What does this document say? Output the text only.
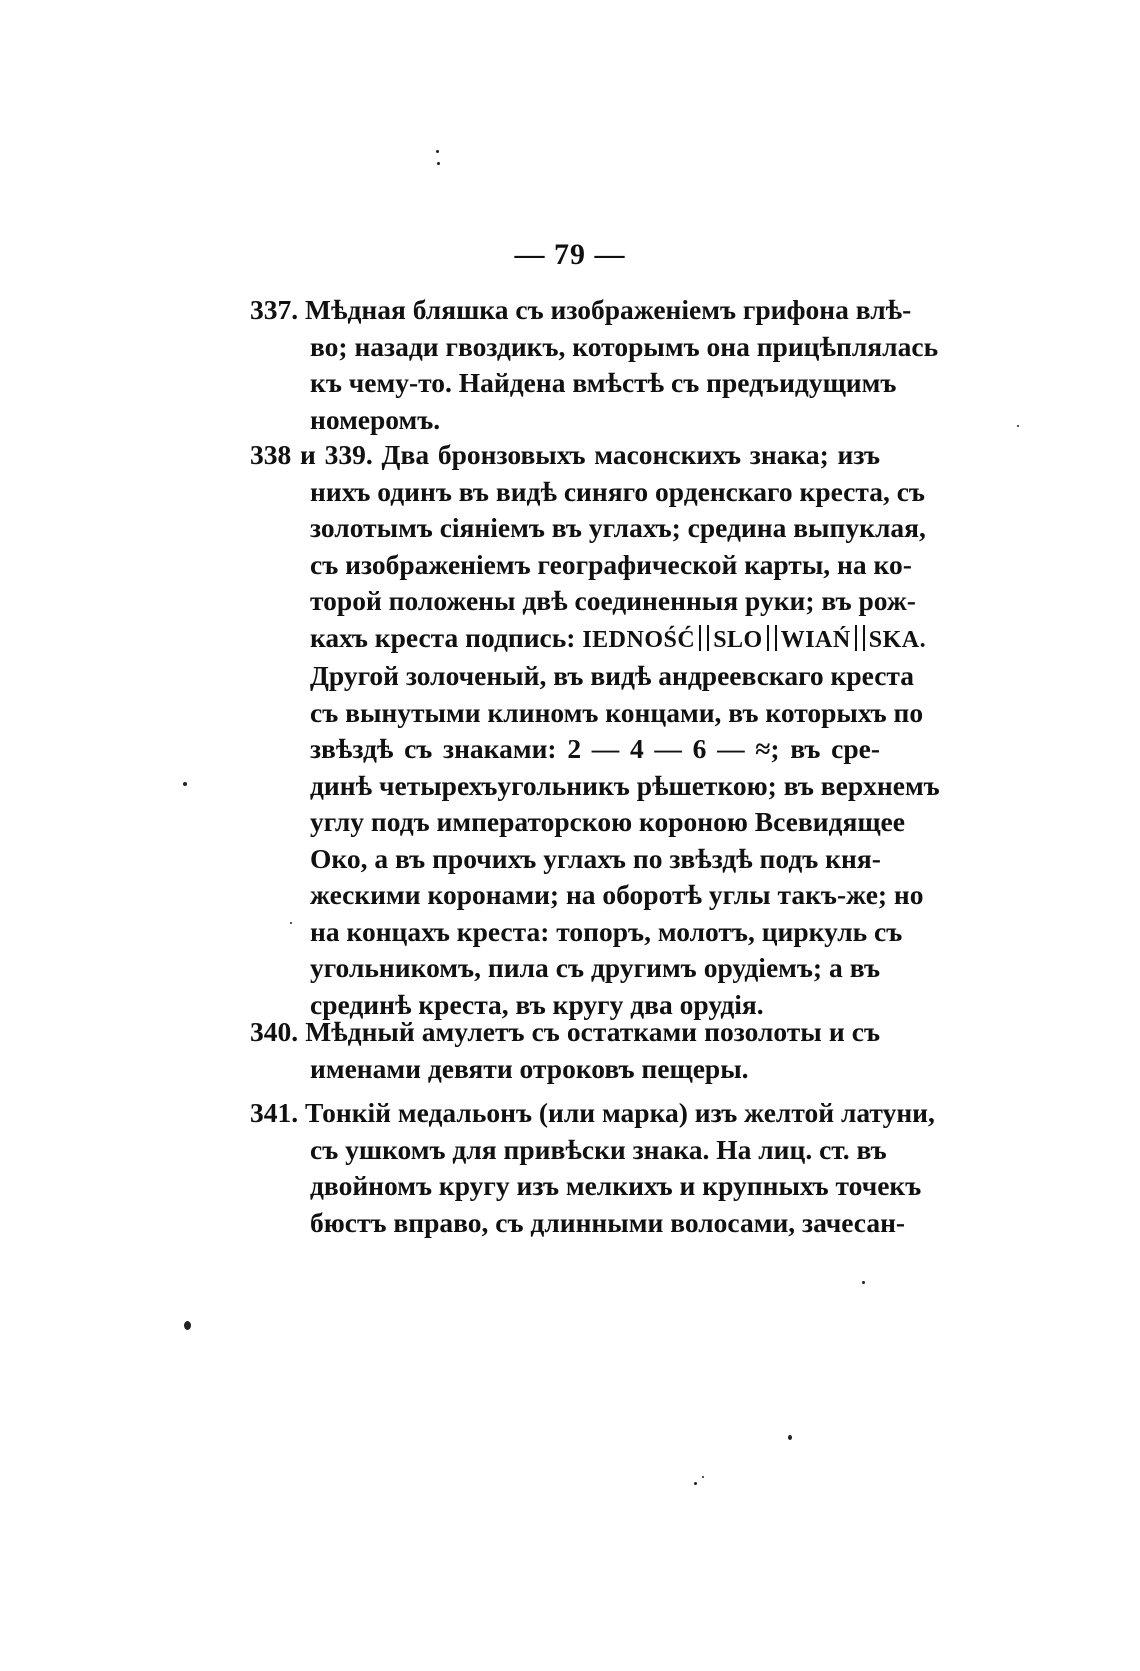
— 79 —
337. Мѣдная бляшка съ изображенiемъ грифона влѣ-
во; назади гвоздикъ, которымъ она прицѣплялась
къ чему-то. Найдена вмѣстѣ съ предъидущимъ
номеромъ.
338 и 339. Два бронзовыхъ масонскихъ знака; изъ
нихъ одинъ въ видѣ синяго орденскаго креста, съ
золотымъ сiянiемъ въ углахъ; средина выпуклая,
съ изображенiемъ географической карты, на ко-
торой положены двѣ соединенныя руки; въ рож-
кахъ креста подпись: IEDNOŚĆ SLO WIAŃ SKA.
Другой золоченый, въ видѣ андреевскаго креста
съ вынутыми клиномъ концами, въ которыхъ по
звѣздѣ съ знаками: 2 — 4 — 6 — ≈; въ сре-
динѣ четырехъугольникъ рѣшеткою; въ верхнемъ
углу подъ императорскою короною Всевидящее
Око, а въ прочихъ углахъ по звѣздѣ подъ кня-
жескими коронами; на оборотѣ углы такъ-же; но
на концахъ креста: топоръ, молотъ, циркуль съ
угольникомъ, пила съ другимъ орудiемъ; а въ
срединѣ креста, въ кругу два орудiя.
340. Мѣдный амулетъ съ остатками позолоты и съ
именами девяти отроковъ пещеры.
341. Тонкiй медальонъ (или марка) изъ желтой латуни,
съ ушкомъ для привѣски знака. На лиц. ст. въ
двойномъ кругу изъ мелкихъ и крупныхъ точекъ
бюстъ вправо, съ длинными волосами, зачесан-
